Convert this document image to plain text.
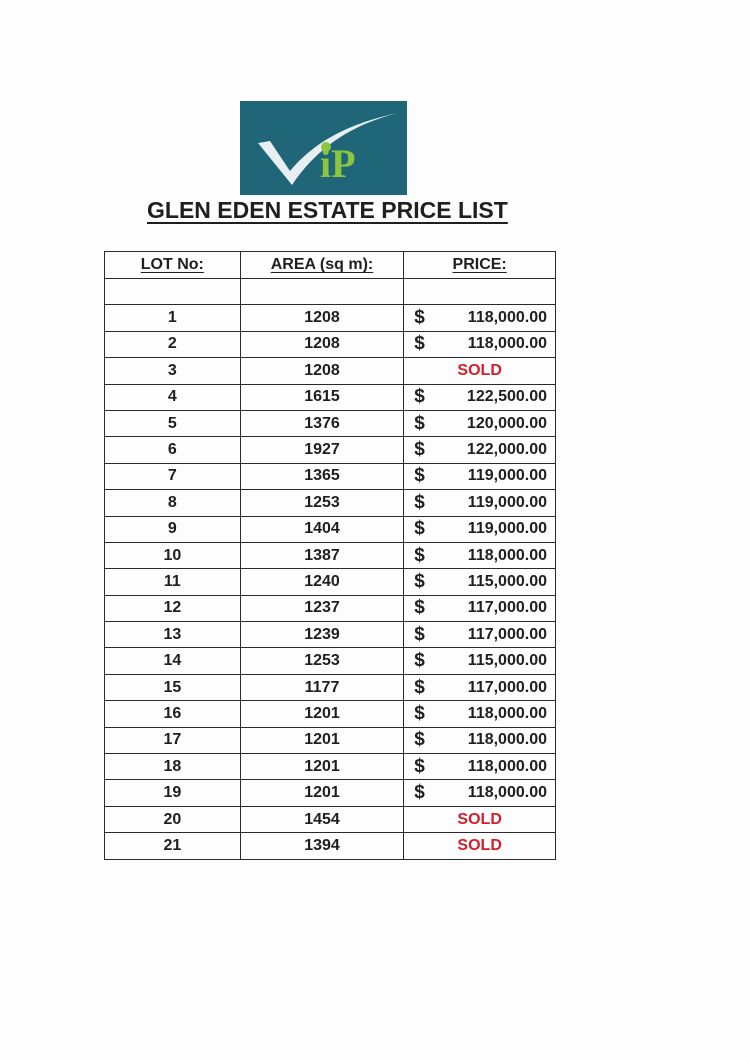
iP
GLEN EDEN ESTATE PRICE LIST
LOT No:	AREA (sq m):	PRICE:

1	1208	$ 118,000.00

2	1208	$ 118,000.00

3	1208	SOLD
4	1615	$ 122,500.00

5	1376	$ 120,000.00

6	1927	$ 122,000.00

7	1365	$ 119,000.00

8	1253	$ 119,000.00

9	1404	$ 119,000.00

10	1387	$ 118,000.00

11	1240	$ 115,000.00

12	1237	$ 117,000.00

13	1239	$ 117,000.00

14	1253	$ 115,000.00

15	1177	$ 117,000.00

16	1201	$ 118,000.00

17	1201	$ 118,000.00

18	1201	$ 118,000.00

19	1201	$ 118,000.00

20	1454	SOLD
21	1394	SOLD
